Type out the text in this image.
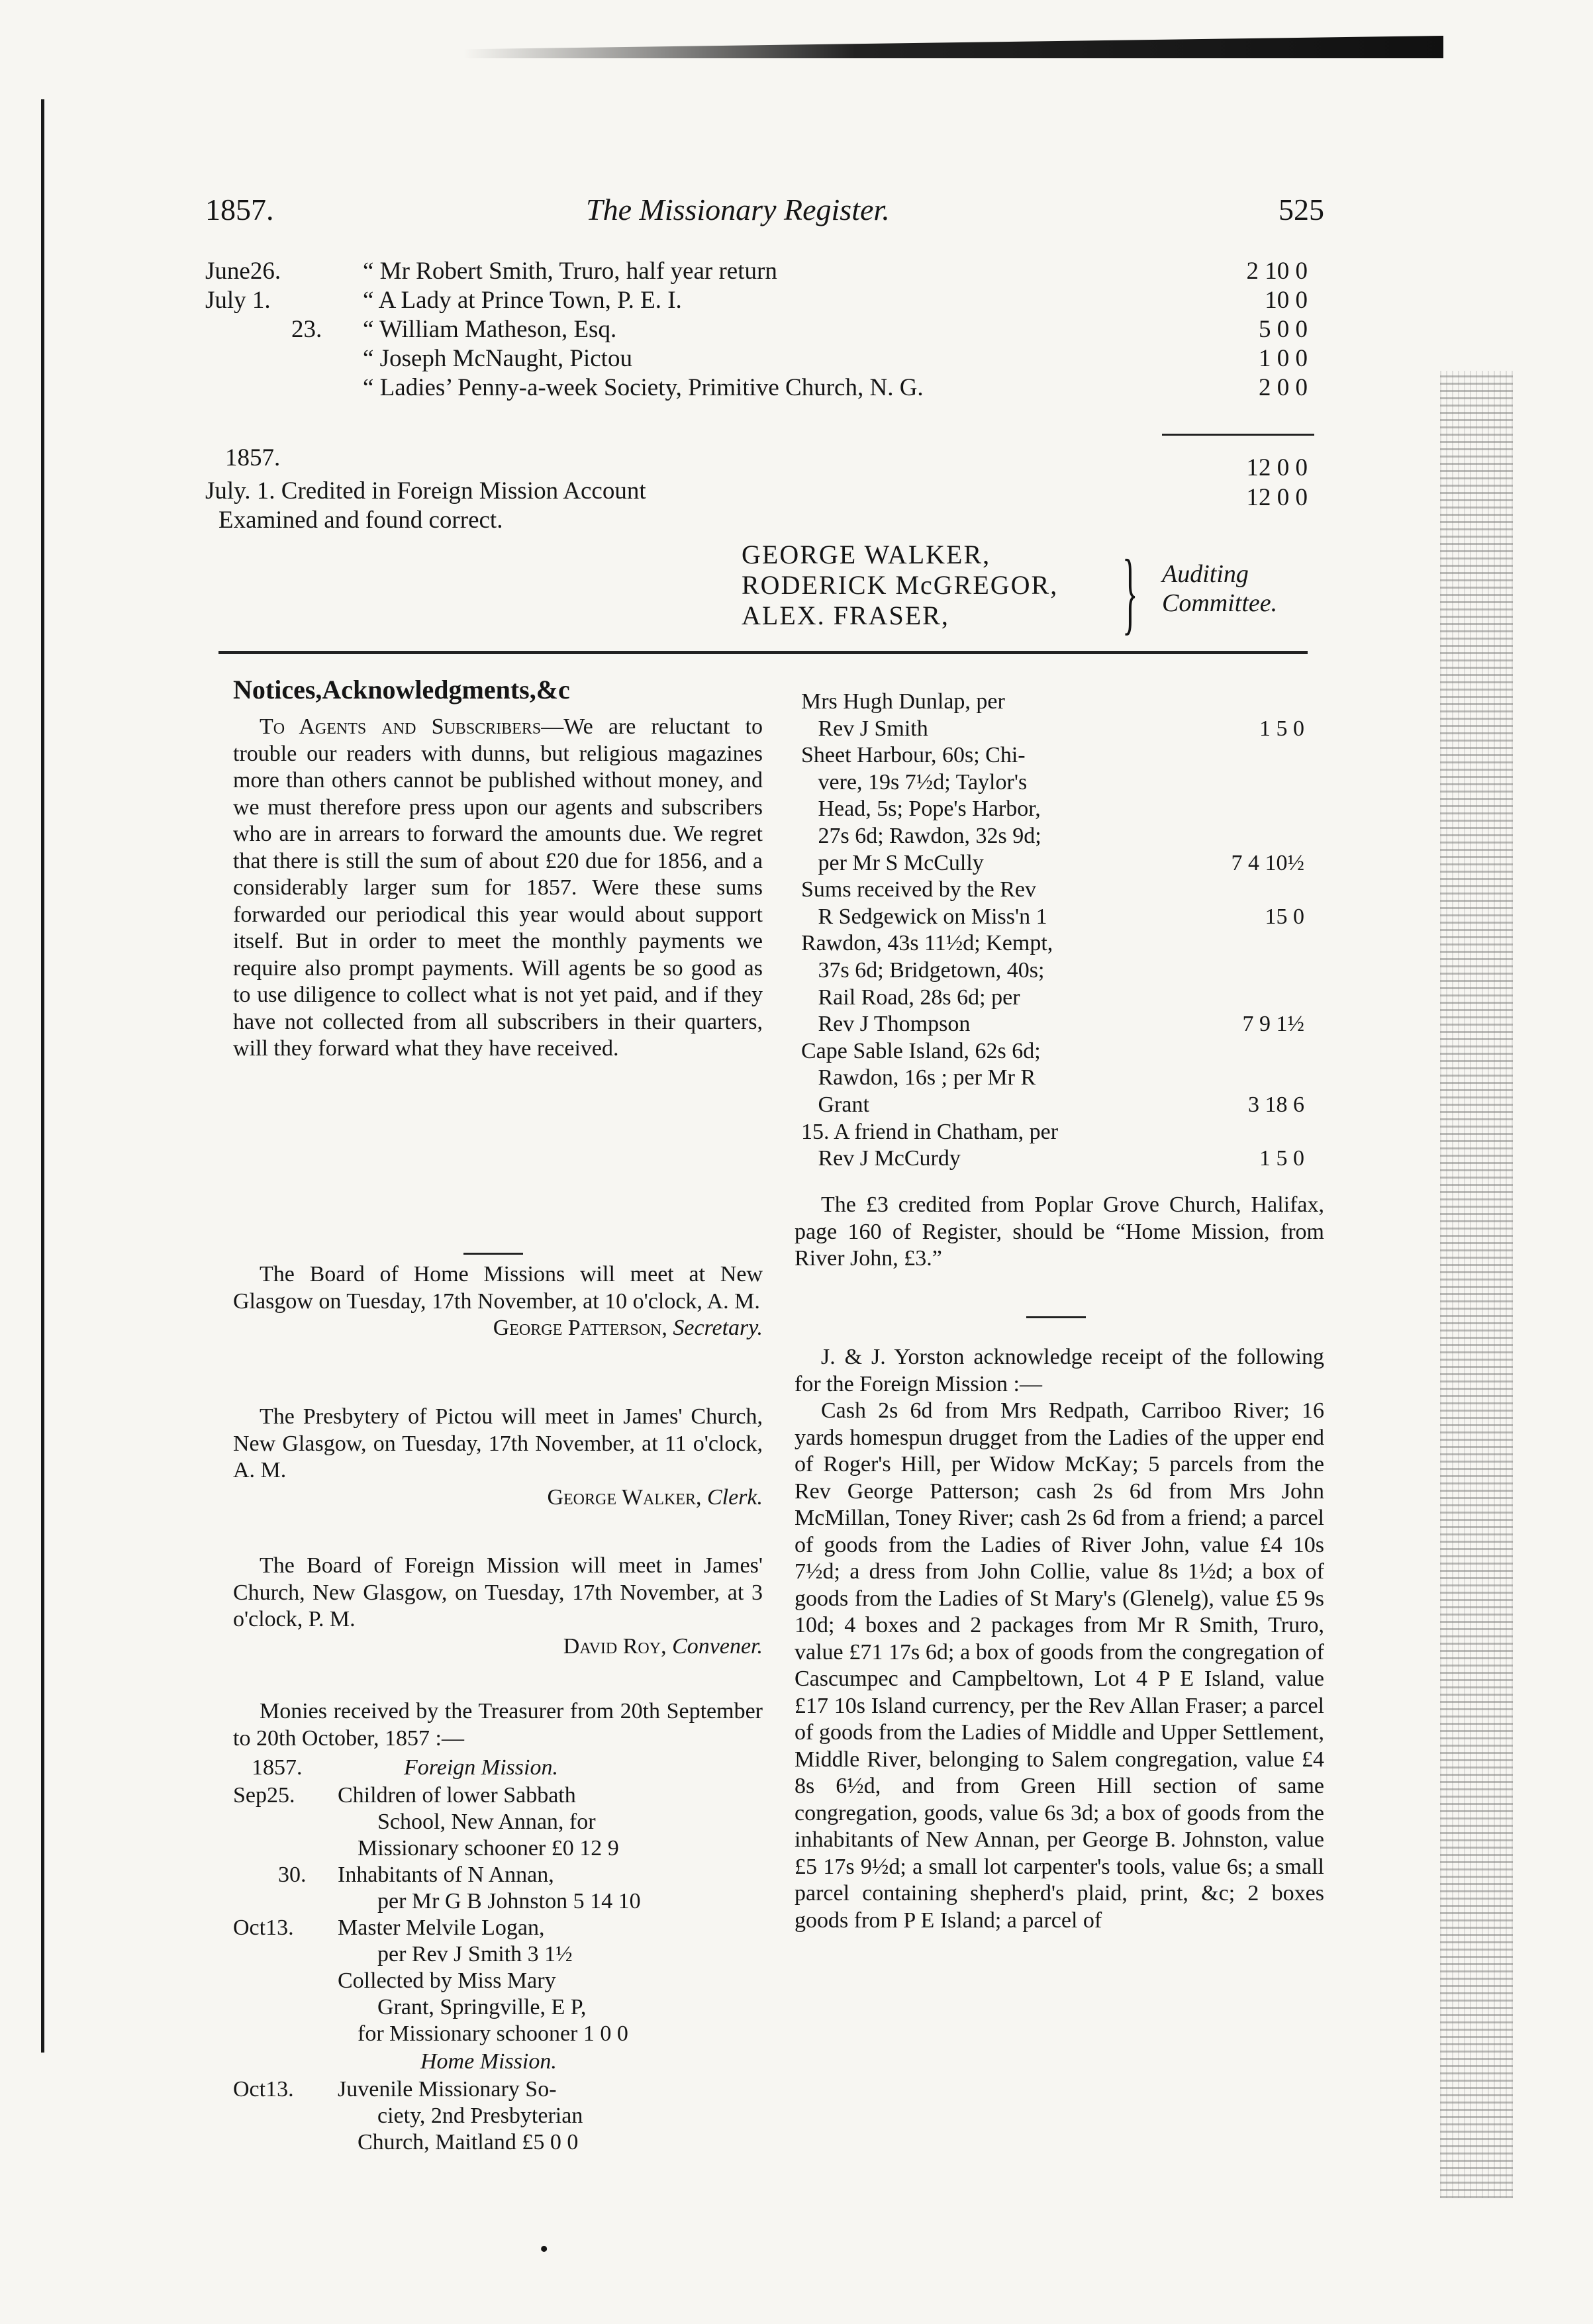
1857.	The Missionary Register.	525
June26.	“ Mr Robert Smith, Truro, half year return	2 10 0
July 1.	“ A Lady at Prince Town, P. E. I.	10 0
23. “ William Matheson, Esq.	5 0 0
“ Joseph McNaught, Pictou	1 0 0
“ Ladies’ Penny-a-week Society, Primitive Church, N. G.	2 0 0
1857.	12 0 0
July. 1. Credited in Foreign Mission Account	12 0 0
Examined and found correct.
GEORGE WALKER,
RODERICK McGREGOR,
ALEX. FRASER, } Auditing
Committee.
Notices,Acknowledgments,&c

To Agents and Subscribers—We are reluctant to trouble our readers with dunns, but religious magazines more than others cannot be published without money, and we must therefore press upon our agents and subscribers who are in arrears to forward the amounts due. We regret that there is still the sum of about £20 due for 1856, and a considerably larger sum for 1857. Were these sums forwarded our periodical this year would about support itself. But in order to meet the monthly payments we require also prompt payments. Will agents be so good as to use diligence to collect what is not yet paid, and if they have not collected from all subscribers in their quarters, will they forward what they have received.

The Board of Home Missions will meet at New Glasgow on Tuesday, 17th November, at 10 o'clock, A. M.

George Patterson, Secretary.

The Presbytery of Pictou will meet in James' Church, New Glasgow, on Tuesday, 17th November, at 11 o'clock, A. M.

George Walker, Clerk.

The Board of Foreign Mission will meet in James' Church, New Glasgow, on Tuesday, 17th November, at 3 o'clock, P. M.

David Roy, Convener.

Monies received by the Treasurer from 20th September to 20th October, 1857 :—

1857.	Foreign Mission.
Sep25. Children of lower Sabbath
School, New Annan, for
Missionary schooner £0 12 9
30. Inhabitants of N Annan,
per Mr G B Johnston 5 14 10
Oct13. Master Melvile Logan,
per Rev J Smith 3 1½
Collected by Miss Mary
Grant, Springville, E P,
for Missionary schooner 1 0 0
Home Mission.
Oct13. Juvenile Missionary So-
ciety, 2nd Presbyterian
Church, Maitland £5 0 0
Mrs Hugh Dunlap, per
Rev J Smith	1 5 0
Sheet Harbour, 60s; Chi-
vere, 19s 7½d; Taylor's
Head, 5s; Pope's Harbor,
27s 6d; Rawdon, 32s 9d;
per Mr S McCully	7 4 10½
Sums received by the Rev
R Sedgewick on Miss'n 1	15 0
Rawdon, 43s 11½d; Kempt,
37s 6d; Bridgetown, 40s;
Rail Road, 28s 6d; per
Rev J Thompson	7 9 1½
Cape Sable Island, 62s 6d;
Rawdon, 16s ; per Mr R
Grant	3 18 6
15. A friend in Chatham, per
Rev J McCurdy	1 5 0

The £3 credited from Poplar Grove Church, Halifax, page 160 of Register, should be “Home Mission, from River John, £3.”

J. & J. Yorston acknowledge receipt of the following for the Foreign Mission :—

Cash 2s 6d from Mrs Redpath, Carriboo River; 16 yards homespun drugget from the Ladies of the upper end of Roger's Hill, per Widow McKay; 5 parcels from the Rev George Patterson; cash 2s 6d from Mrs John McMillan, Toney River; cash 2s 6d from a friend; a parcel of goods from the Ladies of River John, value £4 10s 7½d; a dress from John Collie, value 8s 1½d; a box of goods from the Ladies of St Mary's (Glenelg), value £5 9s 10d; 4 boxes and 2 packages from Mr R Smith, Truro, value £71 17s 6d; a box of goods from the congregation of Cascumpec and Campbeltown, Lot 4 P E Island, value £17 10s Island currency, per the Rev Allan Fraser; a parcel of goods from the Ladies of Middle and Upper Settlement, Middle River, belonging to Salem congregation, value £4 8s 6½d, and from Green Hill section of same congregation, goods, value 6s 3d; a box of goods from the inhabitants of New Annan, per George B. Johnston, value £5 17s 9½d; a small lot carpenter's tools, value 6s; a small parcel containing shepherd's plaid, print, &c; 2 boxes goods from P E Island; a parcel of

•
